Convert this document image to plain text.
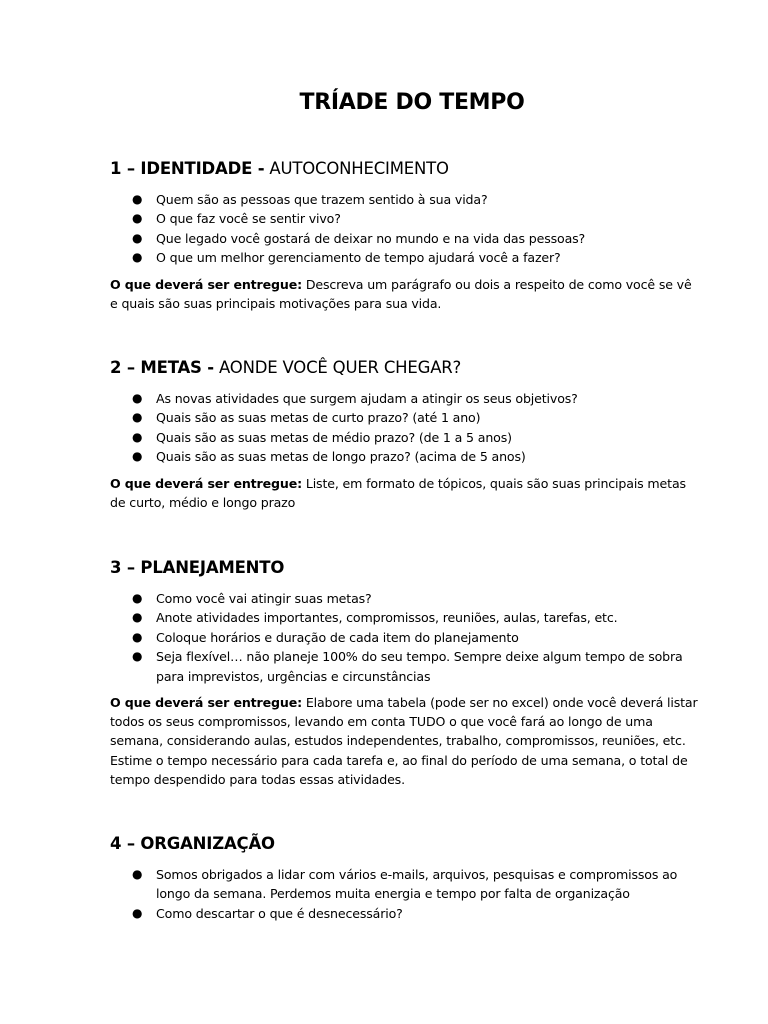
TRÍADE DO TEMPO
1 – IDENTIDADE - AUTOCONHECIMENTO
● Quem são as pessoas que trazem sentido à sua vida?
● O que faz você se sentir vivo?
● Que legado você gostará de deixar no mundo e na vida das pessoas?
● O que um melhor gerenciamento de tempo ajudará você a fazer?

O que deverá ser entregue: Descreva um parágrafo ou dois a respeito de como você se vê e quais são suas principais motivações para sua vida.

2 – METAS - AONDE VOCÊ QUER CHEGAR?
● As novas atividades que surgem ajudam a atingir os seus objetivos?
● Quais são as suas metas de curto prazo? (até 1 ano)
● Quais são as suas metas de médio prazo? (de 1 a 5 anos)
● Quais são as suas metas de longo prazo? (acima de 5 anos)

O que deverá ser entregue: Liste, em formato de tópicos, quais são suas principais metas de curto, médio e longo prazo

3 – PLANEJAMENTO
● Como você vai atingir suas metas?
● Anote atividades importantes, compromissos, reuniões, aulas, tarefas, etc.
● Coloque horários e duração de cada item do planejamento
● Seja flexível… não planeje 100% do seu tempo. Sempre deixe algum tempo de sobra para imprevistos, urgências e circunstâncias

O que deverá ser entregue: Elabore uma tabela (pode ser no excel) onde você deverá listar todos os seus compromissos, levando em conta TUDO o que você fará ao longo de uma semana, considerando aulas, estudos independentes, trabalho, compromissos, reuniões, etc. Estime o tempo necessário para cada tarefa e, ao final do período de uma semana, o total de tempo despendido para todas essas atividades.

4 – ORGANIZAÇÃO
● Somos obrigados a lidar com vários e-mails, arquivos, pesquisas e compromissos ao longo da semana. Perdemos muita energia e tempo por falta de organização
● Como descartar o que é desnecessário?
